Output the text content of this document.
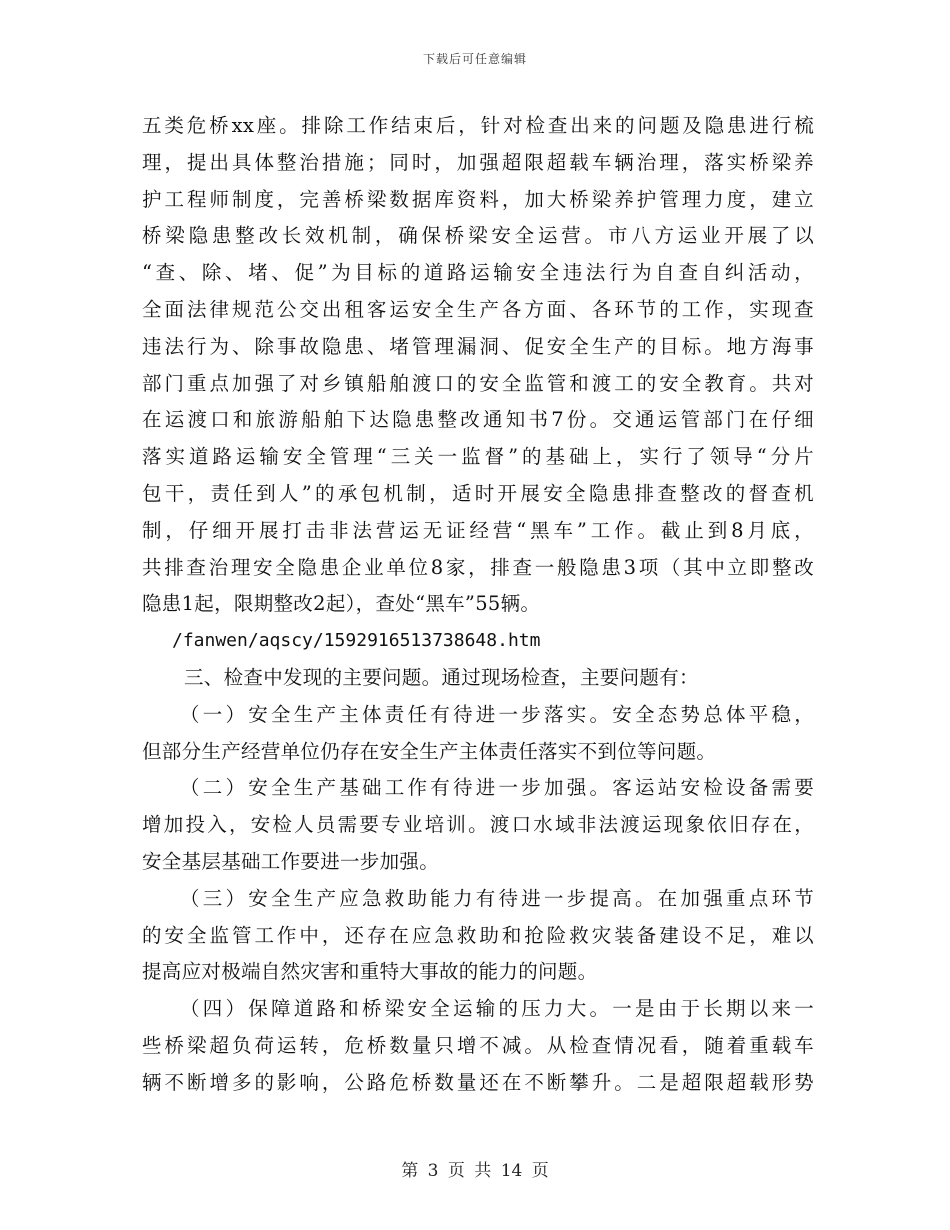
下载后可任意编辑
五类危桥xx座。排除工作结束后，针对检查出来的问题及隐患进行梳
理，提出具体整治措施；同时，加强超限超载车辆治理，落实桥梁养
护工程师制度，完善桥梁数据库资料，加大桥梁养护管理力度，建立
桥梁隐患整改长效机制，确保桥梁安全运营。市八方运业开展了以
“查、除、堵、促”为目标的道路运输安全违法行为自查自纠活动，
全面法律规范公交出租客运安全生产各方面、各环节的工作，实现查
违法行为、除事故隐患、堵管理漏洞、促安全生产的目标。地方海事
部门重点加强了对乡镇船舶渡口的安全监管和渡工的安全教育。共对
在运渡口和旅游船舶下达隐患整改通知书7份。交通运管部门在仔细
落实道路运输安全管理“三关一监督”的基础上，实行了领导“分片
包干，责任到人”的承包机制，适时开展安全隐患排查整改的督查机
制，仔细开展打击非法营运无证经营“黑车”工作。截止到8月底，
共排查治理安全隐患企业单位8家，排查一般隐患3项（其中立即整改
隐患1起，限期整改2起），查处“黑车”55辆。
/fanwen/aqscy/1592916513738648.htm
三、检查中发现的主要问题。通过现场检查，主要问题有：
（一）安全生产主体责任有待进一步落实。安全态势总体平稳，
但部分生产经营单位仍存在安全生产主体责任落实不到位等问题。
（二）安全生产基础工作有待进一步加强。客运站安检设备需要
增加投入，安检人员需要专业培训。渡口水域非法渡运现象依旧存在，
安全基层基础工作要进一步加强。
（三）安全生产应急救助能力有待进一步提高。在加强重点环节
的安全监管工作中，还存在应急救助和抢险救灾装备建设不足，难以
提高应对极端自然灾害和重特大事故的能力的问题。
（四）保障道路和桥梁安全运输的压力大。一是由于长期以来一
些桥梁超负荷运转，危桥数量只增不减。从检查情况看，随着重载车
辆不断增多的影响，公路危桥数量还在不断攀升。二是超限超载形势
第 3 页 共 14 页
